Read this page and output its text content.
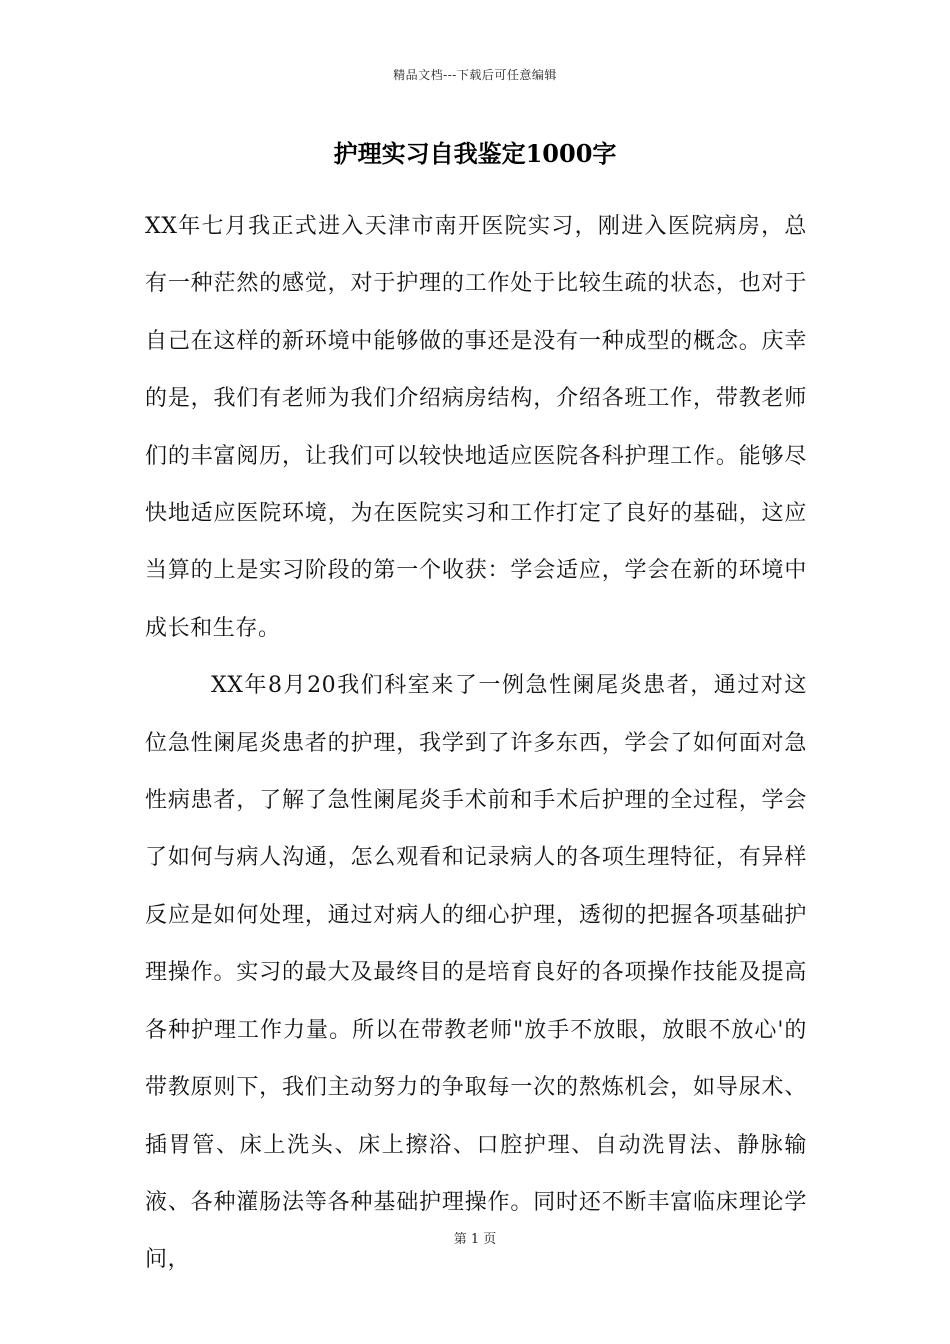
精品文档---下载后可任意编辑
护理实习自我鉴定1000字

XX年七月我正式进入天津市南开医院实习，刚进入医院病房，总有一种茫然的感觉，对于护理的工作处于比较生疏的状态，也对于自己在这样的新环境中能够做的事还是没有一种成型的概念。庆幸的是，我们有老师为我们介绍病房结构，介绍各班工作，带教老师们的丰富阅历，让我们可以较快地适应医院各科护理工作。能够尽快地适应医院环境，为在医院实习和工作打定了良好的基础，这应当算的上是实习阶段的第一个收获：学会适应，学会在新的环境中成长和生存。

XX年8月20我们科室来了一例急性阑尾炎患者，通过对这位急性阑尾炎患者的护理，我学到了许多东西，学会了如何面对急性病患者，了解了急性阑尾炎手术前和手术后护理的全过程，学会了如何与病人沟通，怎么观看和记录病人的各项生理特征，有异样反应是如何处理，通过对病人的细心护理，透彻的把握各项基础护理操作。实习的最大及最终目的是培育良好的各项操作技能及提高各种护理工作力量。所以在带教老师"放手不放眼，放眼不放心'的带教原则下，我们主动努力的争取每一次的熬炼机会，如导尿术、插胃管、床上洗头、床上擦浴、口腔护理、自动洗胃法、静脉输液、各种灌肠法等各种基础护理操作。同时还不断丰富临床理论学问，

第 1 页
